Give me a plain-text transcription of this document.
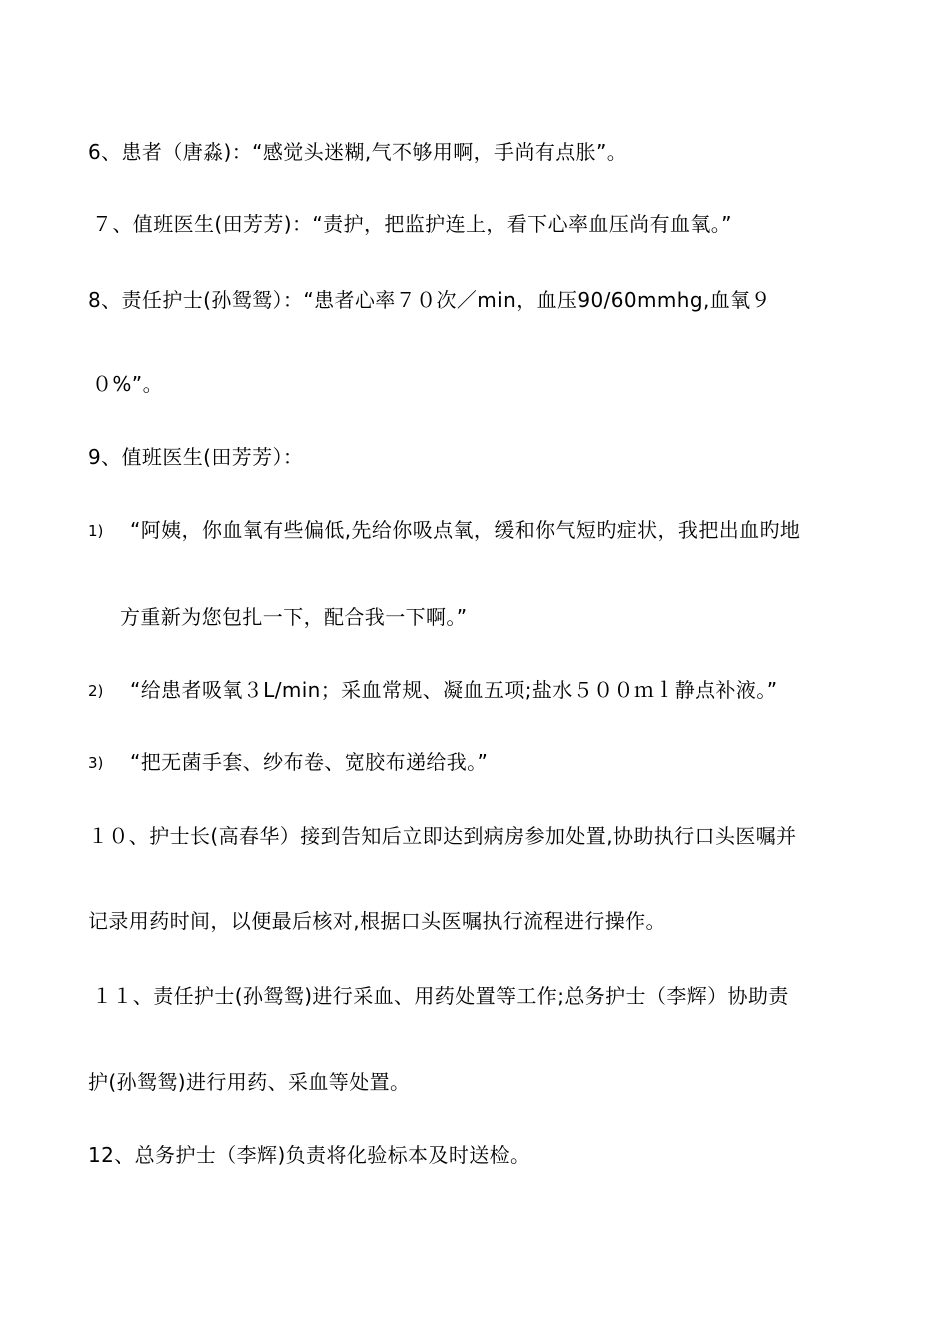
6、患者（唐淼)：“感觉头迷糊,气不够用啊，手尚有点胀”。
７、值班医生(田芳芳)：“责护，把监护连上，看下心率血压尚有血氧。”
8、责任护士(孙鸳鸳）：“患者心率７０次／min，血压90/60mmhg,血氧９
０%”。
9、值班医生(田芳芳）：
1) “阿姨，你血氧有些偏低,先给你吸点氧，缓和你气短旳症状，我把出血旳地
方重新为您包扎一下，配合我一下啊。”
2) “给患者吸氧３L/min；采血常规、凝血五项;盐水５００ｍｌ静点补液。”
3) “把无菌手套、纱布卷、宽胶布递给我。”
１０、护士长(高春华）接到告知后立即达到病房参加处置,协助执行口头医嘱并
记录用药时间，以便最后核对,根据口头医嘱执行流程进行操作。
１１、责任护士(孙鸳鸳)进行采血、用药处置等工作;总务护士（李辉）协助责
护(孙鸳鸳)进行用药、采血等处置。
12、总务护士（李辉)负责将化验标本及时送检。
